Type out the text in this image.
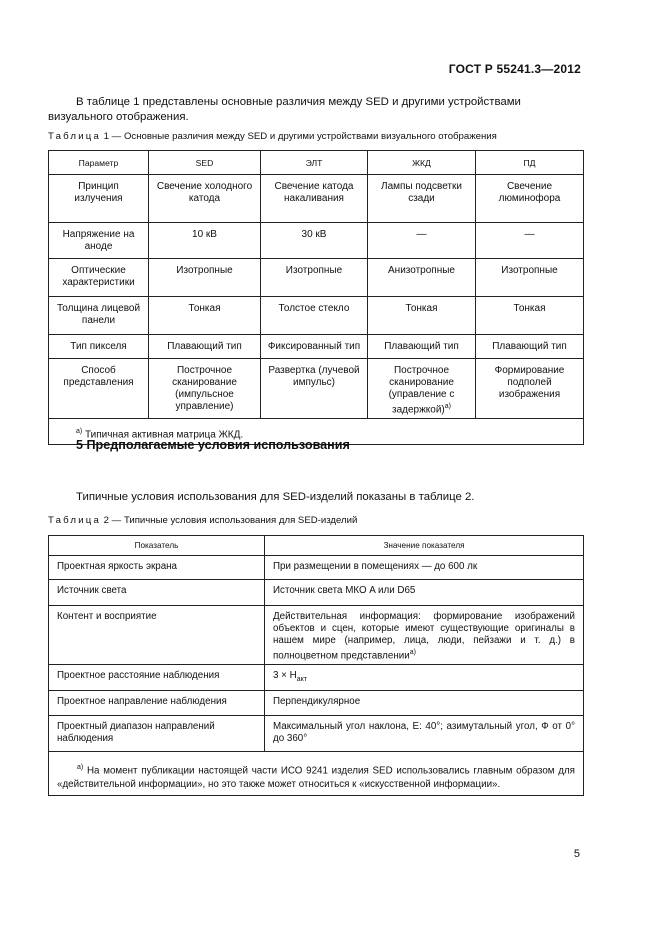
ГОСТ Р 55241.3—2012
В таблице 1 представлены основные различия между SED и другими устройствами визуального отображения.
Таблица 1 — Основные различия между SED и другими устройствами визуального отображения
Параметр	SED	ЭЛТ	ЖКД	ПД
Принцип излучения	Свечение холодного катода	Свечение катода накаливания	Лампы подсветки сзади	Свечение люминофора
Напряжение на аноде	10 кВ	30 кВ	—	—
Оптические характеристики	Изотропные	Изотропные	Анизотропные	Изотропные
Толщина лицевой панели	Тонкая	Толстое стекло	Тонкая	Тонкая
Тип пикселя	Плавающий тип	Фиксированный тип	Плавающий тип	Плавающий тип
Способ представления	Построчное сканирование (импульсное управление)	Развертка (лучевой импульс)	Построчное сканирование (управление с задержкой)$^{а)}$	Формирование подполей изображения
$^{а)}$ Типичная активная матрица ЖКД.				
5 Предполагаемые условия использования
Типичные условия использования для SED-изделий показаны в таблице 2.
Таблица 2 — Типичные условия использования для SED-изделий
Показатель	Значение показателя
Проектная яркость экрана	При размещении в помещениях — до 600 лк
Источник света	Источник света МКО A или D65
Контент и восприятие	Действительная информация: формирование изображений объектов и сцен, которые имеют существующие оригиналы в нашем мире (например, лица, люди, пейзажи и т. д.) в полноцветном представлении$^{а)}$
Проектное расстояние наблюдения	$3 \times H_{акт}$
Проектное направление наблюдения	Перпендикулярное
Проектный диапазон направлений наблюдения	Максимальный угол наклона, Е: 40°; азимутальный угол, Ф от 0° до 360°
$^{а)}$ На момент публикации настоящей части ИСО 9241 изделия SED использовались главным образом для «действительной информации», но это также может относиться к «искусственной информации».	
5
